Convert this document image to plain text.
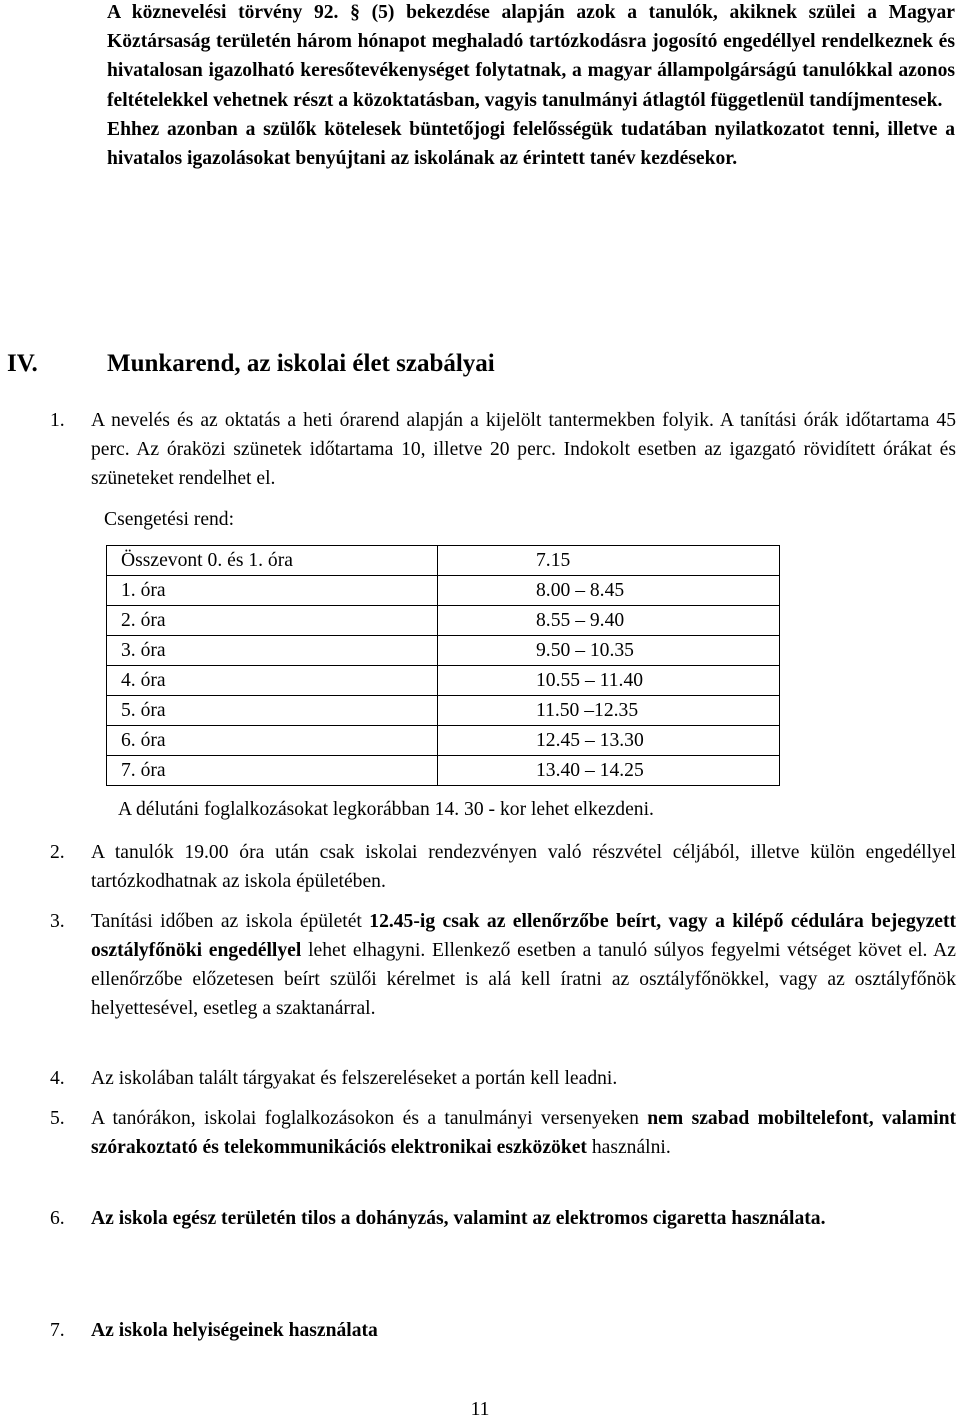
A köznevelési törvény 92. § (5) bekezdése alapján azok a tanulók, akiknek szülei a Magyar Köztársaság területén három hónapot meghaladó tartózkodásra jogosító engedéllyel rendelkeznek és hivatalosan igazolható keresőtevékenységet folytatnak, a magyar állampolgárságú tanulókkal azonos feltételekkel vehetnek részt a közoktatásban, vagyis tanulmányi átlagtól függetlenül tandíjmentesek.

Ehhez azonban a szülők kötelesek büntetőjogi felelősségük tudatában nyilatkozatot tenni, illetve a hivatalos igazolásokat benyújtani az iskolának az érintett tanév kezdésekor.

IV.	Munkarend, az iskolai élet szabályai
1. A nevelés és az oktatás a heti órarend alapján a kijelölt tantermekben folyik. A tanítási órák időtartama 45 perc. Az óraközi szünetek időtartama 10, illetve 20 perc. Indokolt esetben az igazgató rövidített órákat és szüneteket rendelhet el.
Csengetési rend:
Összevont 0. és 1. óra	7.15
1. óra	8.00 – 8.45
2. óra	8.55 – 9.40
3. óra	9.50 – 10.35
4. óra	10.55 – 11.40
5. óra	11.50 –12.35
6. óra	12.45 – 13.30
7. óra	13.40 – 14.25
A délutáni foglalkozásokat legkorábban 14. 30 - kor lehet elkezdeni.
2. A tanulók 19.00 óra után csak iskolai rendezvényen való részvétel céljából, illetve külön engedéllyel tartózkodhatnak az iskola épületében.
3. Tanítási időben az iskola épületét 12.45-ig csak az ellenőrzőbe beírt, vagy a kilépő cédulára bejegyzett osztályfőnöki engedéllyel lehet elhagyni. Ellenkező esetben a tanuló súlyos fegyelmi vétséget követ el. Az ellenőrzőbe előzetesen beírt szülői kérelmet is alá kell íratni az osztályfőnökkel, vagy az osztályfőnök helyettesével, esetleg a szaktanárral.
4. Az iskolában talált tárgyakat és felszereléseket a portán kell leadni.
5. A tanórákon, iskolai foglalkozásokon és a tanulmányi versenyeken nem szabad mobiltelefont, valamint szórakoztató és telekommunikációs elektronikai eszközöket használni.
6. Az iskola egész területén tilos a dohányzás, valamint az elektromos cigaretta használata.
7. Az iskola helyiségeinek használata
11
